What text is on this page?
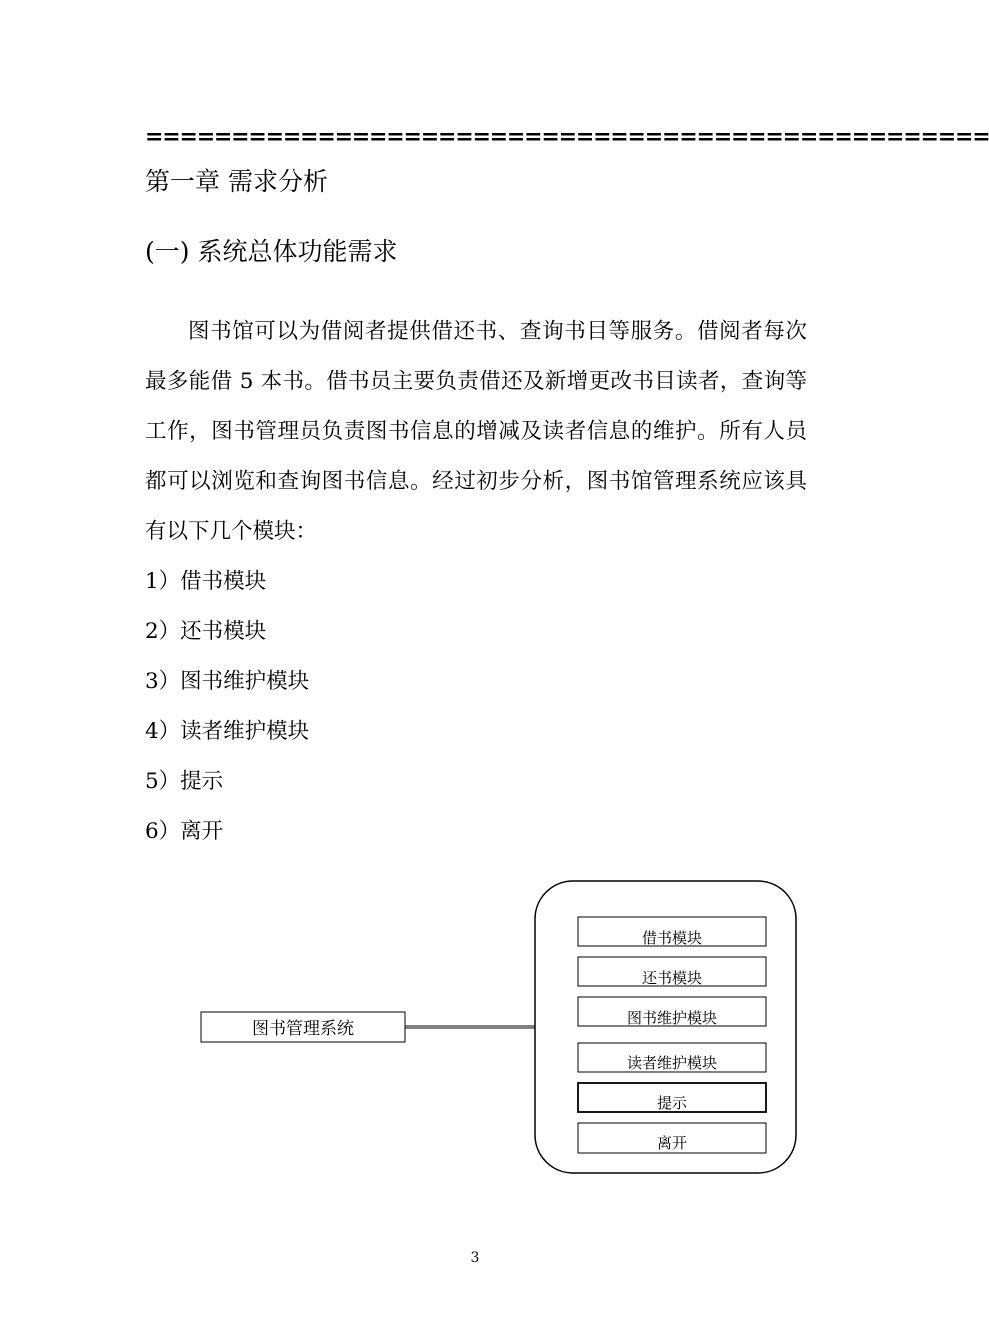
=================================================
第一章 需求分析
(一) 系统总体功能需求

图书馆可以为借阅者提供借还书、查询书目等服务。借阅者每次最多能借 5 本书。借书员主要负责借还及新增更改书目读者，查询等工作，图书管理员负责图书信息的增减及读者信息的维护。所有人员都可以浏览和查询图书信息。经过初步分析，图书馆管理系统应该具有以下几个模块：

1）借书模块

2）还书模块

3）图书维护模块

4）读者维护模块

5）提示

6）离开

图书管理系统
借书模块
还书模块
图书维护模块
读者维护模块
提示
离开
3
